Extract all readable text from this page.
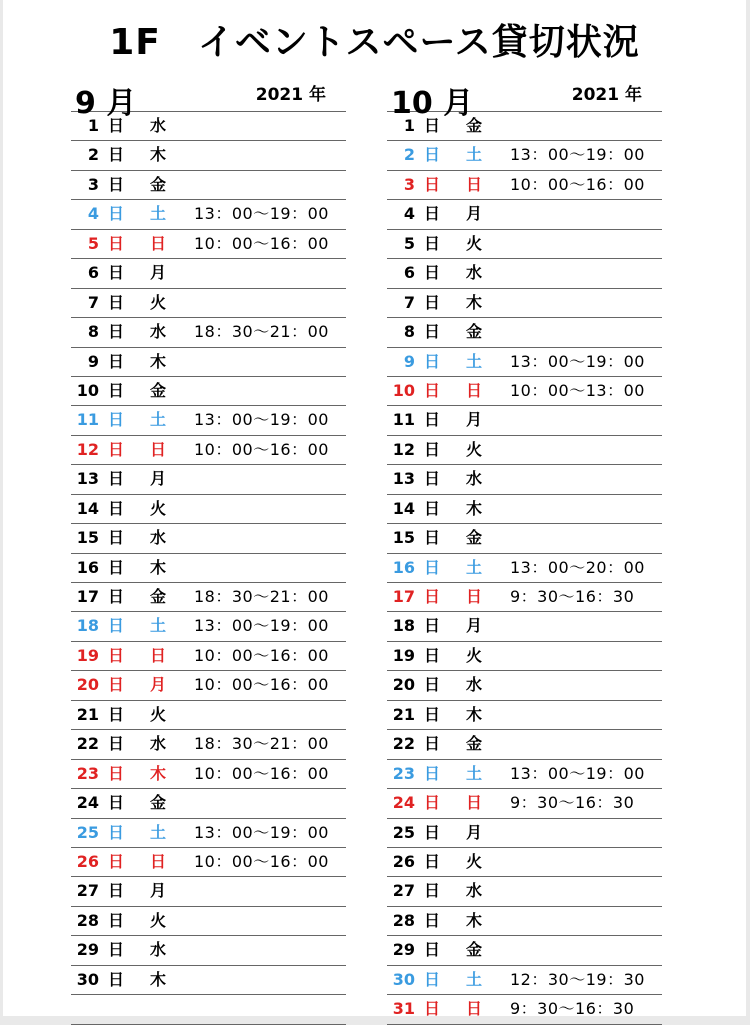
1F　イベントスペース貸切状況
9 月	2021 年
1 日 水
2 日 木
3 日 金
4 日 土 13：00〜19：00
5 日 日 10：00〜16：00
6 日 月
7 日 火
8 日 水 18：30〜21：00
9 日 木
10 日 金
11 日 土 13：00〜19：00
12 日 日 10：00〜16：00
13 日 月
14 日 火
15 日 水
16 日 木
17 日 金 18：30〜21：00
18 日 土 13：00〜19：00
19 日 日 10：00〜16：00
20 日 月 10：00〜16：00
21 日 火
22 日 水 18：30〜21：00
23 日 木 10：00〜16：00
24 日 金
25 日 土 13：00〜19：00
26 日 日 10：00〜16：00
27 日 月
28 日 火
29 日 水
30 日 木
10 月	2021 年
1 日 金
2 日 土 13：00〜19：00
3 日 日 10：00〜16：00
4 日 月
5 日 火
6 日 水
7 日 木
8 日 金
9 日 土 13：00〜19：00
10 日 日 10：00〜13：00
11 日 月
12 日 火
13 日 水
14 日 木
15 日 金
16 日 土 13：00〜20：00
17 日 日 9：30〜16：30
18 日 月
19 日 火
20 日 水
21 日 木
22 日 金
23 日 土 13：00〜19：00
24 日 日 9：30〜16：30
25 日 月
26 日 火
27 日 水
28 日 木
29 日 金
30 日 土 12：30〜19：30
31 日 日 9：30〜16：30
